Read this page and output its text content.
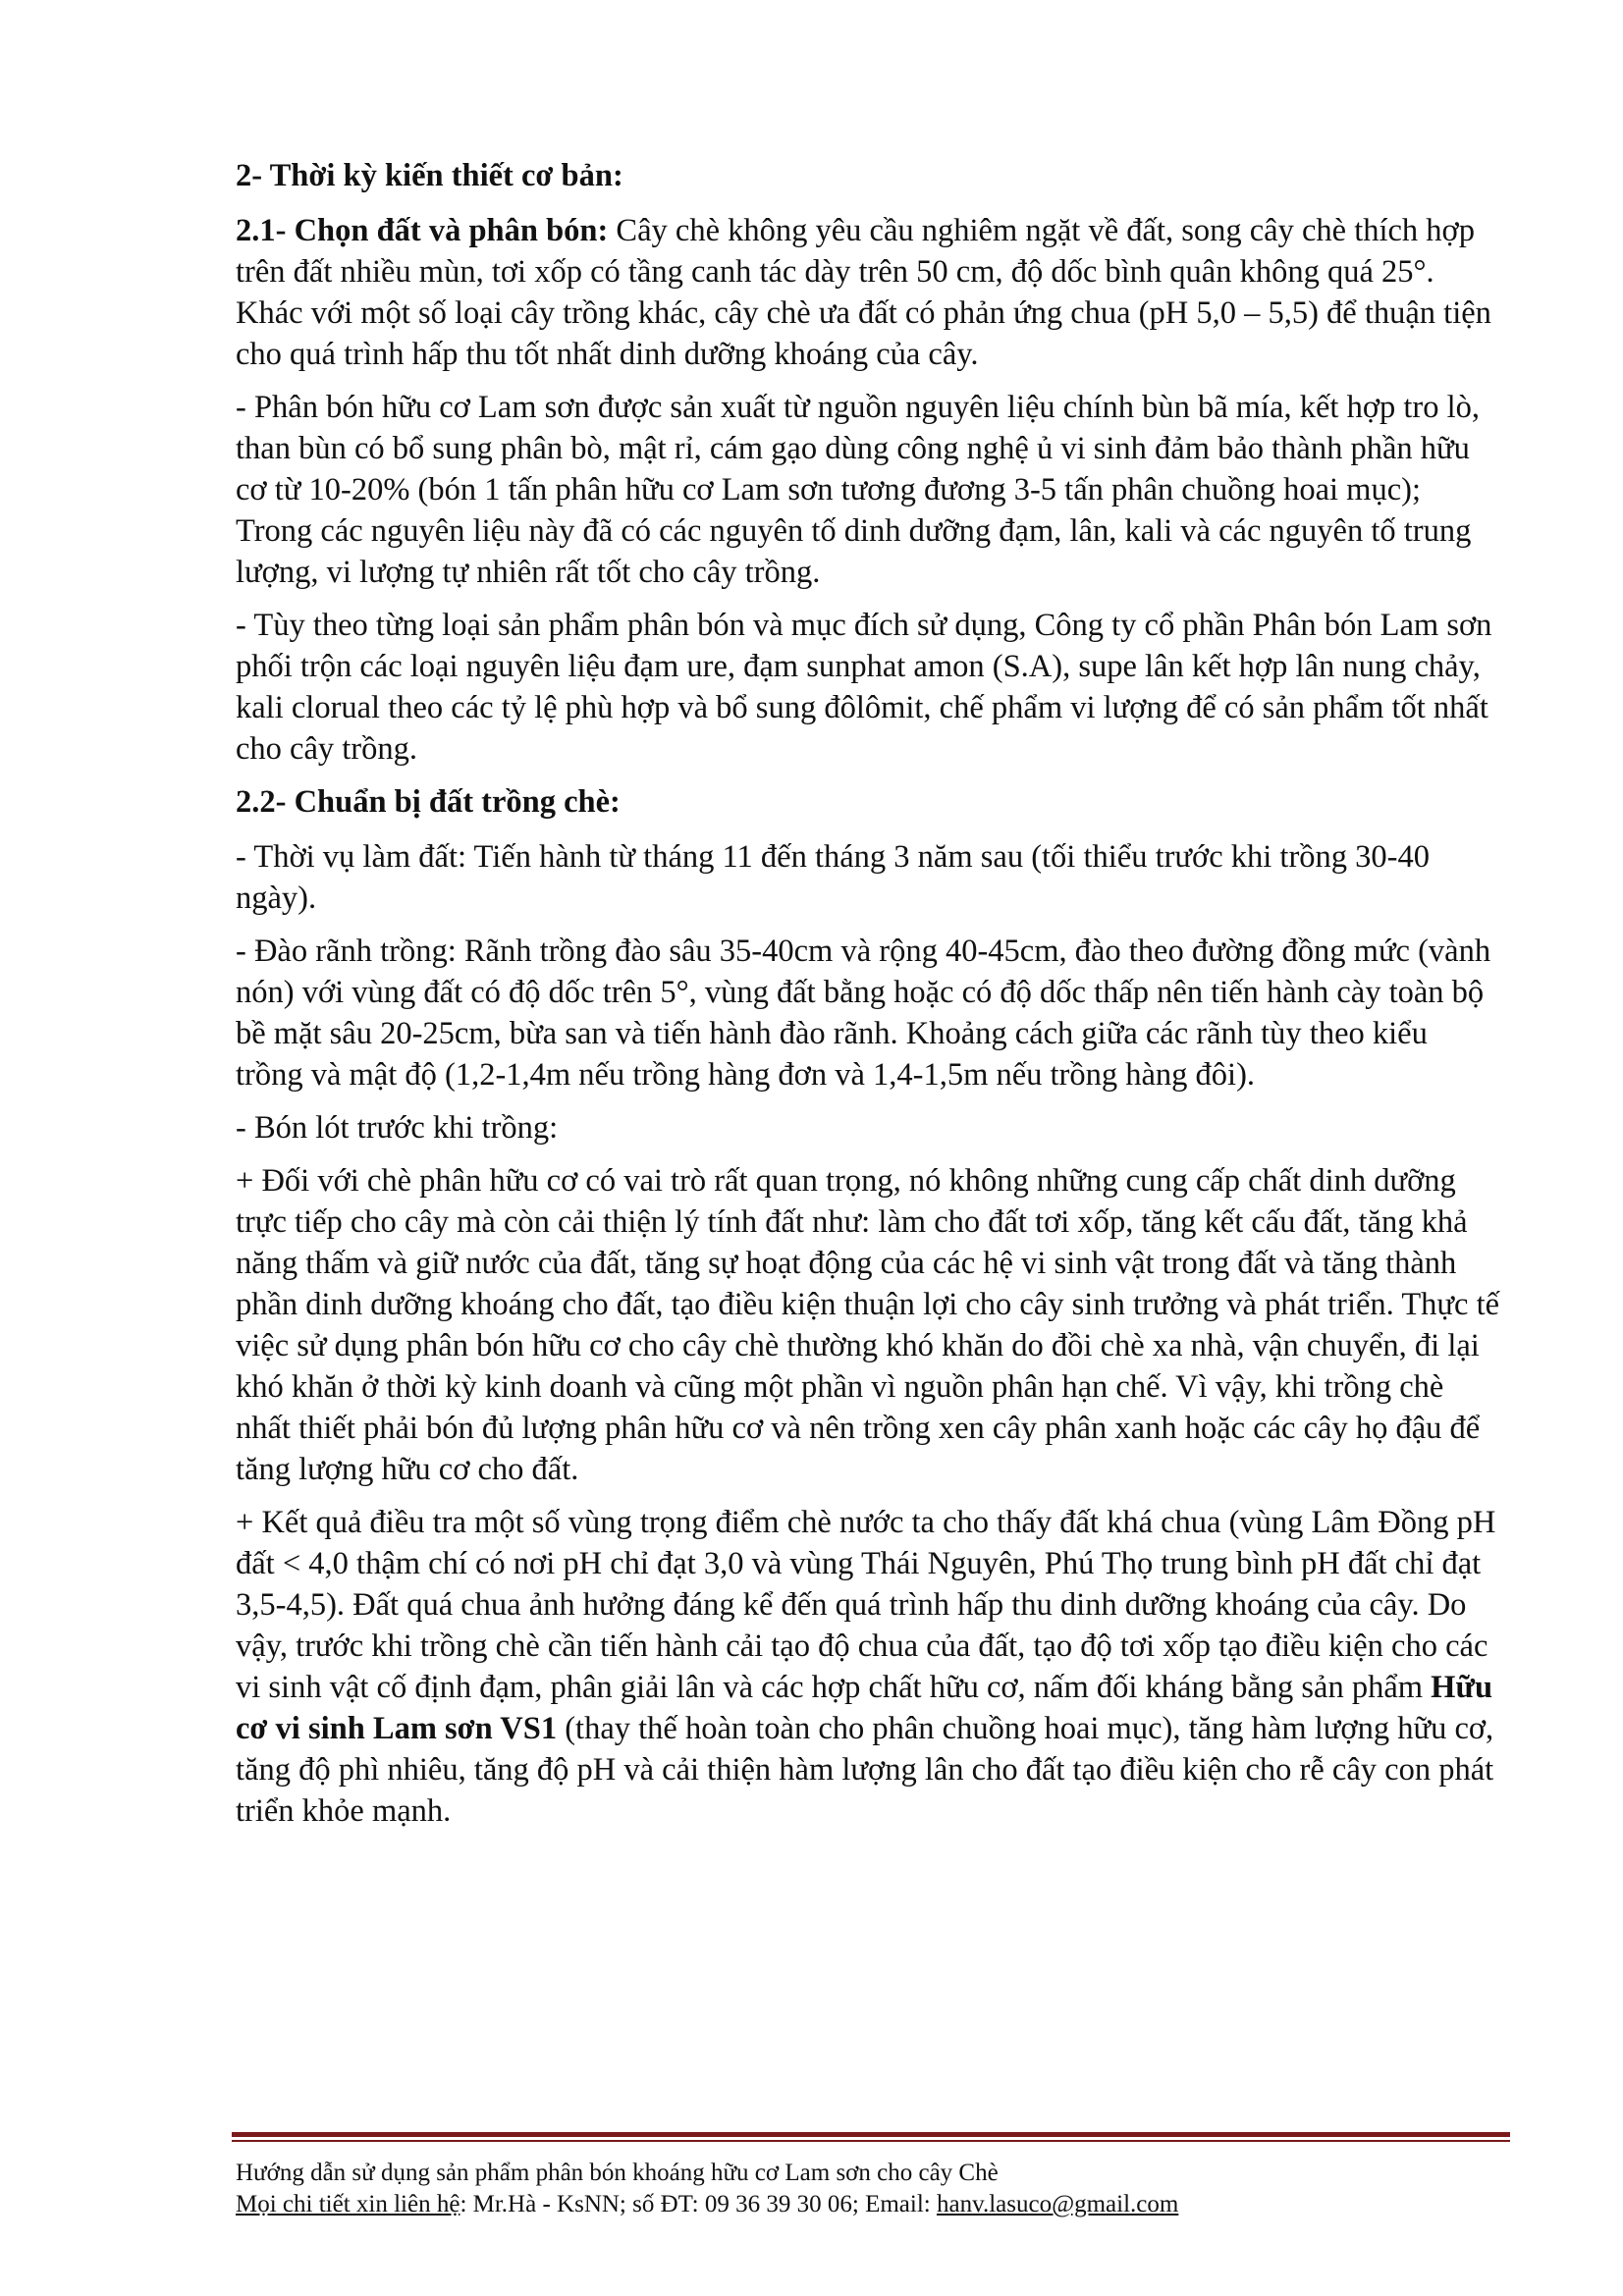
2- Thời kỳ kiến thiết cơ bản:

2.1- Chọn đất và phân bón: Cây chè không yêu cầu nghiêm ngặt về đất, song cây chè thích hợp trên đất nhiều mùn, tơi xốp có tầng canh tác dày trên 50 cm, độ dốc bình quân không quá 25°. Khác với một số loại cây trồng khác, cây chè ưa đất có phản ứng chua (pH 5,0 – 5,5) để thuận tiện cho quá trình hấp thu tốt nhất dinh dưỡng khoáng của cây.

- Phân bón hữu cơ Lam sơn được sản xuất từ nguồn nguyên liệu chính bùn bã mía, kết hợp tro lò, than bùn có bổ sung phân bò, mật rỉ, cám gạo dùng công nghệ ủ vi sinh đảm bảo thành phần hữu cơ từ 10-20% (bón 1 tấn phân hữu cơ Lam sơn tương đương 3-5 tấn phân chuồng hoai mục); Trong các nguyên liệu này đã có các nguyên tố dinh dưỡng đạm, lân, kali và các nguyên tố trung lượng, vi lượng tự nhiên rất tốt cho cây trồng.

- Tùy theo từng loại sản phẩm phân bón và mục đích sử dụng, Công ty cổ phần Phân bón Lam sơn phối trộn các loại nguyên liệu đạm ure, đạm sunphat amon (S.A), supe lân kết hợp lân nung chảy, kali clorual theo các tỷ lệ phù hợp và bổ sung đôlômit, chế phẩm vi lượng để có sản phẩm tốt nhất cho cây trồng.

2.2- Chuẩn bị đất trồng chè:

- Thời vụ làm đất: Tiến hành từ tháng 11 đến tháng 3 năm sau (tối thiểu trước khi trồng 30-40 ngày).

- Đào rãnh trồng: Rãnh trồng đào sâu 35-40cm và rộng 40-45cm, đào theo đường đồng mức (vành nón) với vùng đất có độ dốc trên 5°, vùng đất bằng hoặc có độ dốc thấp nên tiến hành cày toàn bộ bề mặt sâu 20-25cm, bừa san và tiến hành đào rãnh. Khoảng cách giữa các rãnh tùy theo kiểu trồng và mật độ (1,2-1,4m nếu trồng hàng đơn và 1,4-1,5m nếu trồng hàng đôi).

- Bón lót trước khi trồng:

+ Đối với chè phân hữu cơ có vai trò rất quan trọng, nó không những cung cấp chất dinh dưỡng trực tiếp cho cây mà còn cải thiện lý tính đất như: làm cho đất tơi xốp, tăng kết cấu đất, tăng khả năng thấm và giữ nước của đất, tăng sự hoạt động của các hệ vi sinh vật trong đất và tăng thành phần dinh dưỡng khoáng cho đất, tạo điều kiện thuận lợi cho cây sinh trưởng và phát triển. Thực tế việc sử dụng phân bón hữu cơ cho cây chè thường khó khăn do đồi chè xa nhà, vận chuyển, đi lại khó khăn ở thời kỳ kinh doanh và cũng một phần vì nguồn phân hạn chế. Vì vậy, khi trồng chè nhất thiết phải bón đủ lượng phân hữu cơ và nên trồng xen cây phân xanh hoặc các cây họ đậu để tăng lượng hữu cơ cho đất.

+ Kết quả điều tra một số vùng trọng điểm chè nước ta cho thấy đất khá chua (vùng Lâm Đồng pH đất < 4,0 thậm chí có nơi pH chỉ đạt 3,0 và vùng Thái Nguyên, Phú Thọ trung bình pH đất chỉ đạt 3,5-4,5). Đất quá chua ảnh hưởng đáng kể đến quá trình hấp thu dinh dưỡng khoáng của cây. Do vậy, trước khi trồng chè cần tiến hành cải tạo độ chua của đất, tạo độ tơi xốp tạo điều kiện cho các vi sinh vật cố định đạm, phân giải lân và các hợp chất hữu cơ, nấm đối kháng bằng sản phẩm Hữu cơ vi sinh Lam sơn VS1 (thay thế hoàn toàn cho phân chuồng hoai mục), tăng hàm lượng hữu cơ, tăng độ phì nhiêu, tăng độ pH và cải thiện hàm lượng lân cho đất tạo điều kiện cho rễ cây con phát triển khỏe mạnh.

Hướng dẫn sử dụng sản phẩm phân bón khoáng hữu cơ Lam sơn cho cây Chè
Mọi chi tiết xin liên hệ: Mr.Hà - KsNN; số ĐT: 09 36 39 30 06; Email: hanv.lasuco@gmail.com
